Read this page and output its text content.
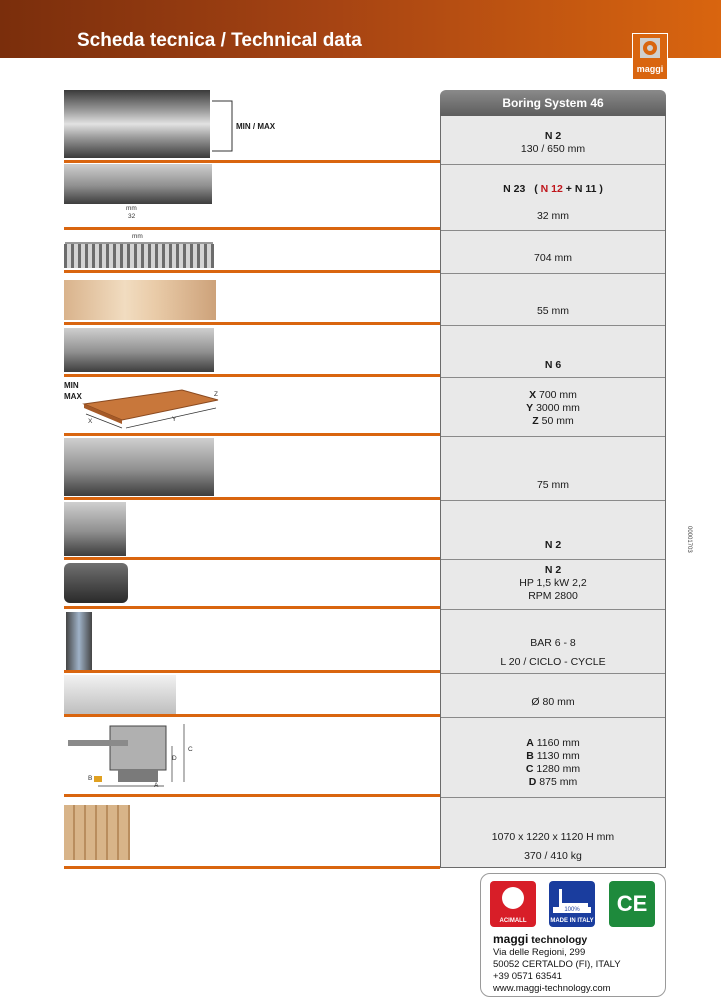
Scheda tecnica / Technical data
maggi
Boring System 46
MIN / MAX
mm
32
mm
MIN
MAX
X	Y
Z
A
B
C
D
N 2
130 / 650 mm
N 23 ( N 12 + N 11 )
32 mm
704 mm
55 mm
N 6
X 700 mm
Y 3000 mm
Z 50 mm
75 mm
N 2
N 2
HP 1,5 kW 2,2
RPM 2800
BAR 6 - 8
L 20 / CICLO - CYCLE
Ø 80 mm
A 1160 mm
B 1130 mm
C 1280 mm
D 875 mm
1070 x 1220 x 1120 H mm
370 / 410 kg
00001703
ACIMALL
100%
MADE IN ITALY
CE
maggi technology
Via delle Regioni, 299
50052 CERTALDO (FI), ITALY
+39 0571 63541
www.maggi-technology.com
